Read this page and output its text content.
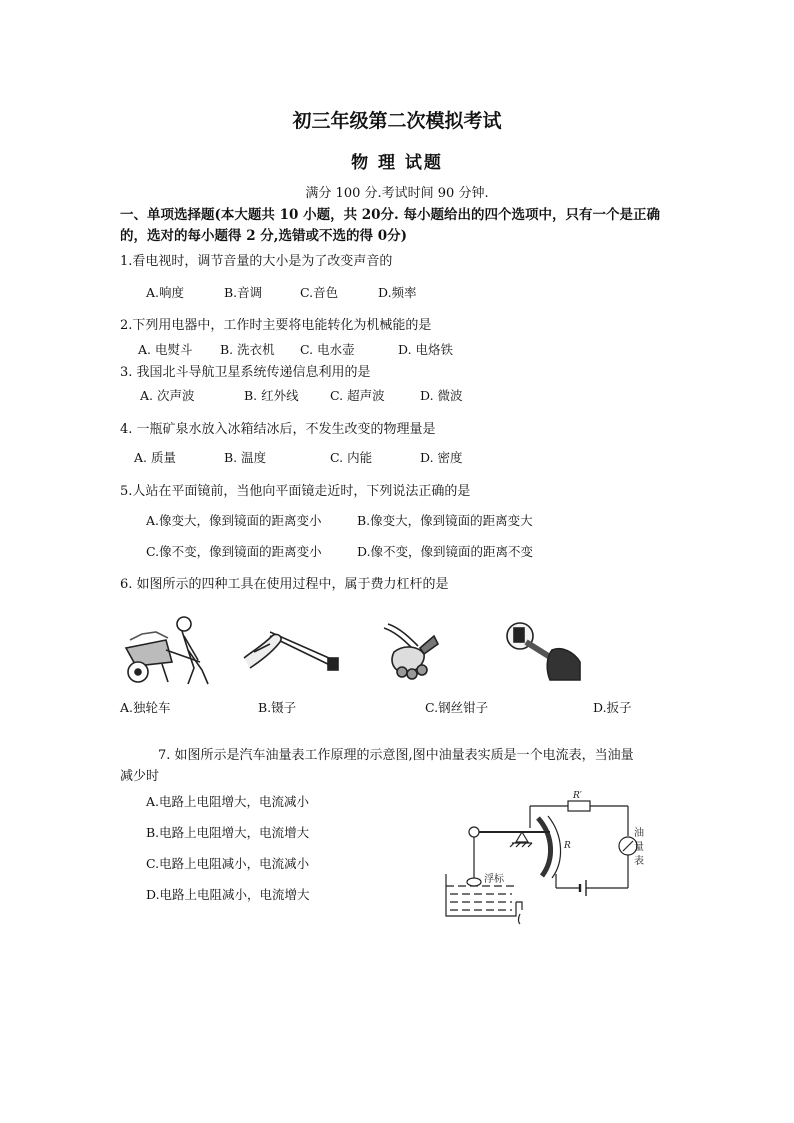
初三年级第二次模拟考试
物 理 试题
满分 100 分.考试时间 90 分钟.
一、单项选择题(本大题共 10 小题，共 20分. 每小题给出的四个选项中，只有一个是正确
的，选对的每小题得 2 分,选错或不选的得 0分)
1.看电视时，调节音量的大小是为了改变声音的
A.响度	B.音调	C.音色	D.频率
2.下列用电器中，工作时主要将电能转化为机械能的是
A. 电熨斗 B. 洗衣机 C. 电水壶	D. 电烙铁
3. 我国北斗导航卫星系统传递信息利用的是
A. 次声波	B. 红外线	C. 超声波	D. 微波
4. 一瓶矿泉水放入冰箱结冰后，不发生改变的物理量是
A. 质量	B. 温度	C. 内能	D. 密度
5.人站在平面镜前，当他向平面镜走近时，下列说法正确的是
A.像变大，像到镜面的距离变小	B.像变大，像到镜面的距离变大
C.像不变，像到镜面的距离变小	D.像不变，像到镜面的距离不变
6. 如图所示的四种工具在使用过程中，属于费力杠杆的是
A.独轮车	B.镊子	C.钢丝钳子	D.扳子
7. 如图所示是汽车油量表工作原理的示意图,图中油量表实质是一个电流表，当油量
减少时
A.电路上电阻增大，电流减小
B.电路上电阻增大，电流增大
C.电路上电阻减小，电流减小
D.电路上电阻减小，电流增大
R′
R
油
量
表
浮标
